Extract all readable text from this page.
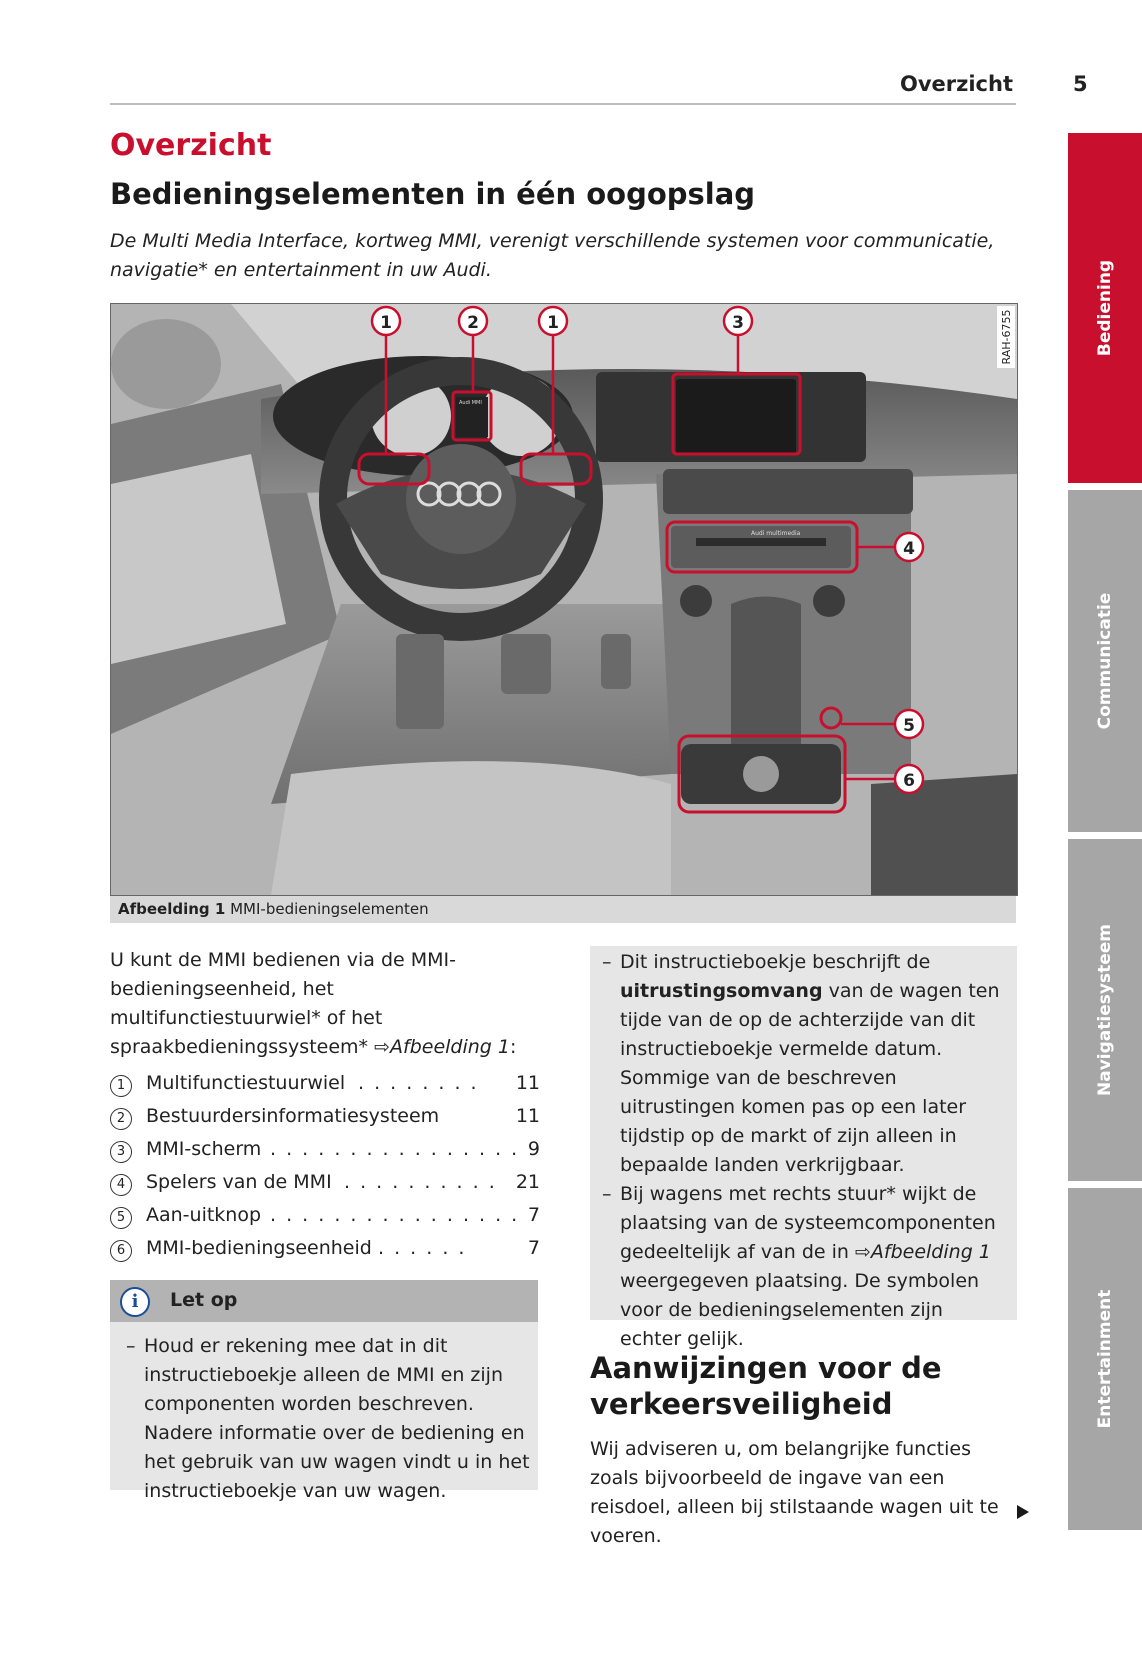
Overzicht	5
Bediening
Communicatie
Navigatiesysteem
Entertainment
Overzicht
Bedieningselementen in één oogopslag
De Multi Media Interface, kortweg MMI, verenigt verschillende systemen voor communicatie, navigatie* en entertainment in uw Audi.
Audi multimedia
Audi MMI
1	2	1	3
4
5
6
RAH-6755
Afbeelding 1 MMI-bedieningselementen
U kunt de MMI bedienen via de MMI-bedieningseenheid, het multifunctiestuurwiel* of het spraakbedieningssysteem* ⇨Afbeelding 1:
1	Multifunctiestuurwiel . . . . . . . . 11
2	Bestuurdersinformatiesysteem	11
3	MMI-scherm . . . . . . . . . . . . . . . . 9
4	Spelers van de MMI . . . . . . . . . . 21
5	Aan-uitknop . . . . . . . . . . . . . . . . 7
6	MMI-bedieningseenheid . . . . . .	7
i	Let op
– Houd er rekening mee dat in dit instructieboekje alleen de MMI en zijn componenten worden beschreven. Nadere informatie over de bediening en het gebruik van uw wagen vindt u in het instructieboekje van uw wagen.
– Dit instructieboekje beschrijft de uitrustingsomvang van de wagen ten tijde van de op de achterzijde van dit instructieboekje vermelde datum. Sommige van de beschreven uitrustingen komen pas op een later tijdstip op de markt of zijn alleen in bepaalde landen verkrijgbaar.
– Bij wagens met rechts stuur* wijkt de plaatsing van de systeemcomponenten gedeeltelijk af van de in ⇨Afbeelding 1 weergegeven plaatsing. De symbolen voor de bedieningselementen zijn echter gelijk.
Aanwijzingen voor de verkeersveiligheid
Wij adviseren u, om belangrijke functies zoals bijvoorbeeld de ingave van een reisdoel, alleen bij stilstaande wagen uit te voeren.
